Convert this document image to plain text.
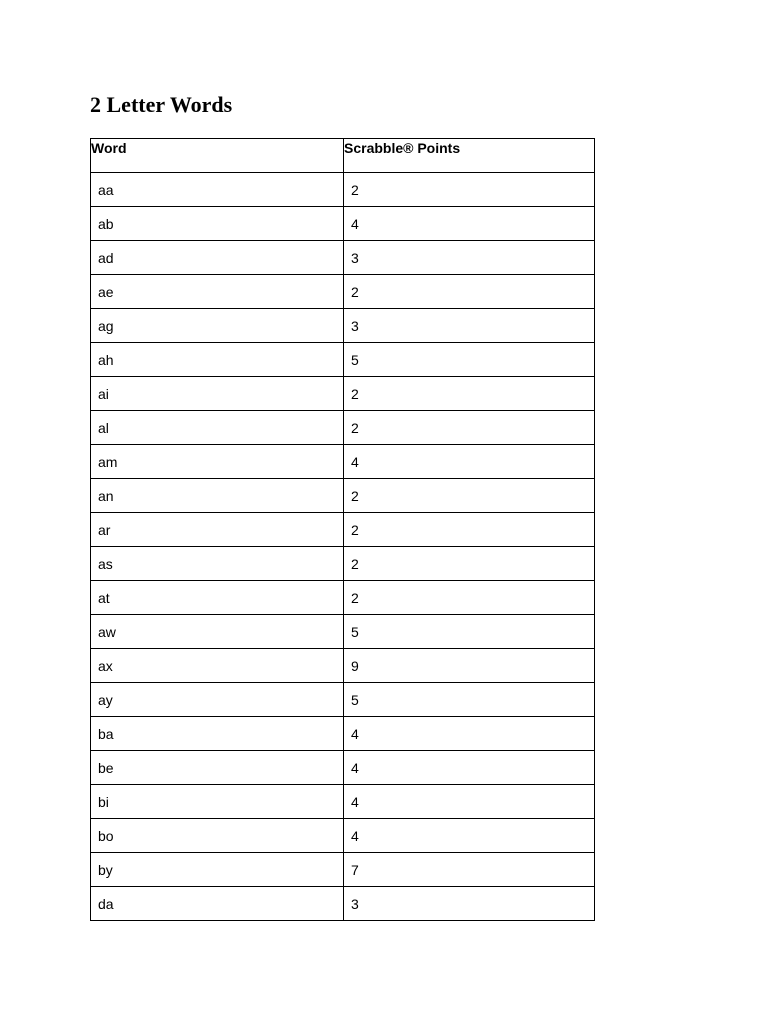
2 Letter Words
Word	Scrabble® Points
aa	2
ab	4
ad	3
ae	2
ag	3
ah	5
ai	2
al	2
am	4
an	2
ar	2
as	2
at	2
aw	5
ax	9
ay	5
ba	4
be	4
bi	4
bo	4
by	7
da	3
